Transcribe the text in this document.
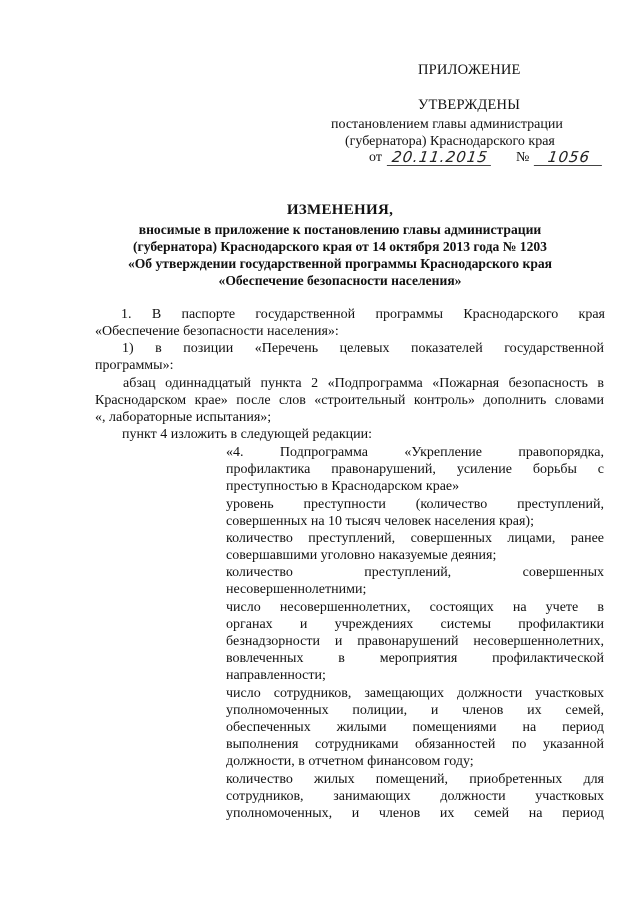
ПРИЛОЖЕНИЕ
УТВЕРЖДЕНЫ
постановлением главы администрации
(губернатора) Краснодарского края
от 20.11.2015 №	1056
ИЗМЕНЕНИЯ,
вносимые в приложение к постановлению главы администрации
(губернатора) Краснодарского края от 14 октября 2013 года № 1203
«Об утверждении государственной программы Краснодарского края
«Обеспечение безопасности населения»
1. В паспорте государственной программы Краснодарского края
«Обеспечение безопасности населения»:
1) в позиции «Перечень целевых показателей государственной
программы»:
абзац одиннадцатый пункта 2 «Подпрограмма «Пожарная безопасность в
Краснодарском крае» после слов «строительный контроль» дополнить словами
«, лабораторные испытания»;
пункт 4 изложить в следующей редакции:
«4. Подпрограмма «Укрепление правопорядка,
профилактика правонарушений, усиление борьбы с
преступностью в Краснодарском крае»
уровень преступности (количество преступлений,
совершенных на 10 тысяч человек населения края);
количество преступлений, совершенных лицами, ранее
совершавшими уголовно наказуемые деяния;
количество преступлений, совершенных
несовершеннолетними;
число несовершеннолетних, состоящих на учете в
органах и учреждениях системы профилактики
безнадзорности и правонарушений несовершеннолетних,
вовлеченных в мероприятия профилактической
направленности;
число сотрудников, замещающих должности участковых
уполномоченных полиции, и членов их семей,
обеспеченных жилыми помещениями на период
выполнения сотрудниками обязанностей по указанной
должности, в отчетном финансовом году;
количество жилых помещений, приобретенных для
сотрудников, занимающих должности участковых
уполномоченных, и членов их семей на период
